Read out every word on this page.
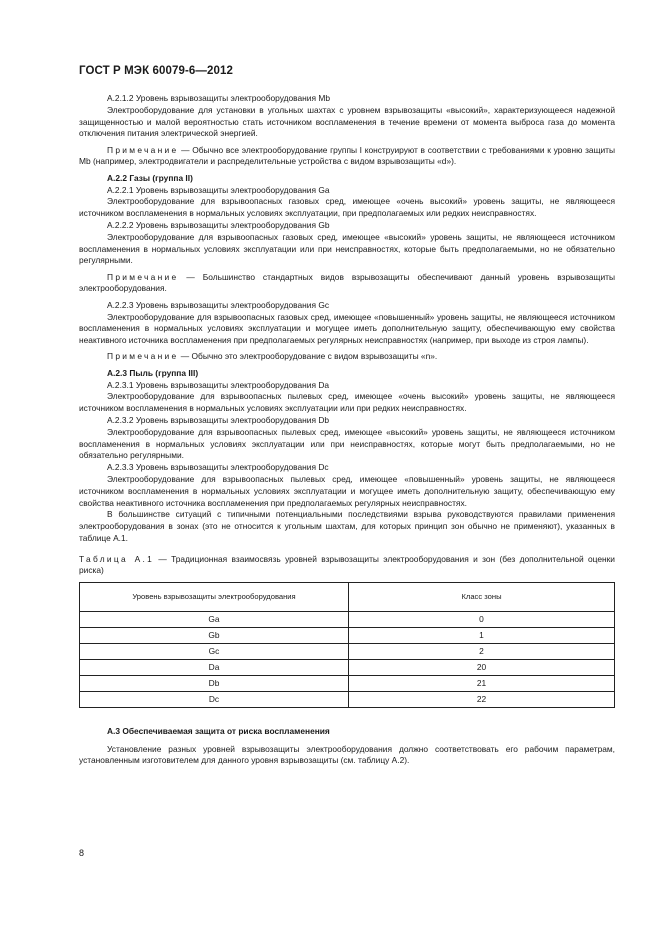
ГОСТ Р МЭК 60079-6—2012

А.2.1.2 Уровень взрывозащиты электрооборудования Mb

Электрооборудование для установки в угольных шахтах с уровнем взрывозащиты «высокий», характеризующееся надежной защищенностью и малой вероятностью стать источником воспламенения в течение времени от момента выброса газа до момента отключения питания электрической энергией.

Примечание — Обычно все электрооборудование группы I конструируют в соответствии с требованиями к уровню защиты Mb (например, электродвигатели и распределительные устройства с видом взрывозащиты «d»).

А.2.2 Газы (группа II)

А.2.2.1 Уровень взрывозащиты электрооборудования Ga

Электрооборудование для взрывоопасных газовых сред, имеющее «очень высокий» уровень защиты, не являющееся источником воспламенения в нормальных условиях эксплуатации, при предполагаемых или редких неисправностях.

А.2.2.2 Уровень взрывозащиты электрооборудования Gb

Электрооборудование для взрывоопасных газовых сред, имеющее «высокий» уровень защиты, не являющееся источником воспламенения в нормальных условиях эксплуатации или при неисправностях, которые быть предполагаемыми, но не обязательно регулярными.

Примечание — Большинство стандартных видов взрывозащиты обеспечивают данный уровень взрывозащиты электрооборудования.

А.2.2.3 Уровень взрывозащиты электрооборудования Gc

Электрооборудование для взрывоопасных газовых сред, имеющее «повышенный» уровень защиты, не являющееся источником воспламенения в нормальных условиях эксплуатации и могущее иметь дополнительную защиту, обеспечивающую ему свойства неактивного источника воспламенения при предполагаемых регулярных неисправностях (например, при выходе из строя лампы).

Примечание — Обычно это электрооборудование с видом взрывозащиты «n».

А.2.3 Пыль (группа III)

А.2.3.1 Уровень взрывозащиты электрооборудования Da

Электрооборудование для взрывоопасных пылевых сред, имеющее «очень высокий» уровень защиты, не являющееся источником воспламенения в нормальных условиях эксплуатации или при редких неисправностях.

А.2.3.2 Уровень взрывозащиты электрооборудования Db

Электрооборудование для взрывоопасных пылевых сред, имеющее «высокий» уровень защиты, не являющееся источником воспламенения в нормальных условиях эксплуатации или при неисправностях, которые могут быть предполагаемыми, но не обязательно регулярными.

А.2.3.3 Уровень взрывозащиты электрооборудования Dc

Электрооборудование для взрывоопасных пылевых сред, имеющее «повышенный» уровень защиты, не являющееся источником воспламенения в нормальных условиях эксплуатации и могущее иметь дополнительную защиту, обеспечивающую ему свойства неактивного источника воспламенения при предполагаемых регулярных неисправностях.

В большинстве ситуаций с типичными потенциальными последствиями взрыва руководствуются правилами применения электрооборудования в зонах (это не относится к угольным шахтам, для которых принцип зон обычно не применяют), указанных в таблице А.1.

Таблица А.1 — Традиционная взаимосвязь уровней взрывозащиты электрооборудования и зон (без дополнительной оценки риска)

Уровень взрывозащиты электрооборудования	Класс зоны
Ga	0
Gb	1
Gc	2
Da	20
Db	21
Dc	22

А.3 Обеспечиваемая защита от риска воспламенения

Установление разных уровней взрывозащиты электрооборудования должно соответствовать его рабочим параметрам, установленным изготовителем для данного уровня взрывозащиты (см. таблицу А.2).

8
